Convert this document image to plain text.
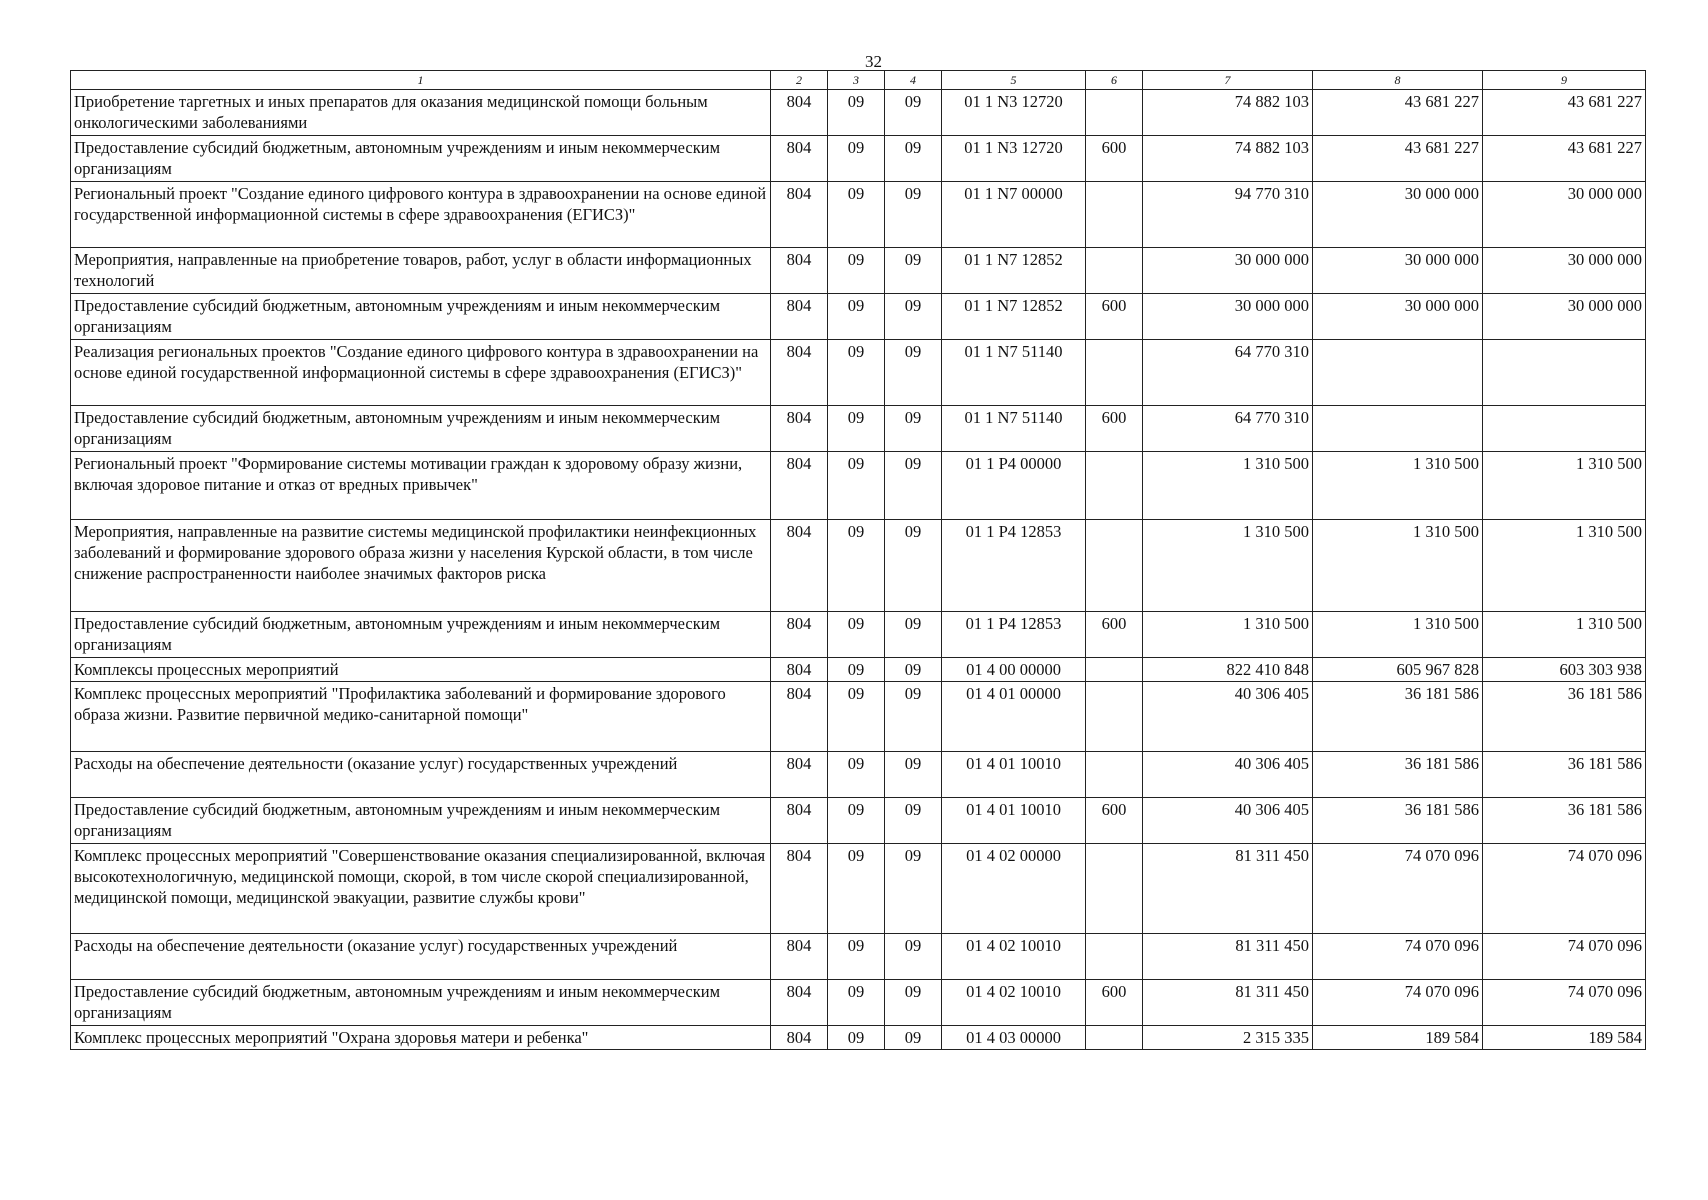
32
1	2	3	4	5	6	7	8	9
Приобретение таргетных и иных препаратов для оказания медицинской помощи больным онкологическими заболеваниями	804	09	09	01 1 N3 12720		74 882 103	43 681 227	43 681 227
Предоставление субсидий бюджетным, автономным учреждениям и иным некоммерческим организациям	804	09	09	01 1 N3 12720	600	74 882 103	43 681 227	43 681 227
Региональный проект "Создание единого цифрового контура в здравоохранении на основе единой государственной информационной системы в сфере здравоохранения (ЕГИСЗ)"	804	09	09	01 1 N7 00000		94 770 310	30 000 000	30 000 000
Мероприятия, направленные на приобретение товаров, работ, услуг в области информационных технологий	804	09	09	01 1 N7 12852		30 000 000	30 000 000	30 000 000
Предоставление субсидий бюджетным, автономным учреждениям и иным некоммерческим организациям	804	09	09	01 1 N7 12852	600	30 000 000	30 000 000	30 000 000
Реализация региональных проектов "Создание единого цифрового контура в здравоохранении на основе единой государственной информационной системы в сфере здравоохранения (ЕГИСЗ)"	804	09	09	01 1 N7 51140		64 770 310		
Предоставление субсидий бюджетным, автономным учреждениям и иным некоммерческим организациям	804	09	09	01 1 N7 51140	600	64 770 310		
Региональный проект "Формирование системы мотивации граждан к здоровому образу жизни, включая здоровое питание и отказ от вредных привычек"	804	09	09	01 1 P4 00000		1 310 500	1 310 500	1 310 500
Мероприятия, направленные на развитие системы медицинской профилактики неинфекционных заболеваний и формирование здорового образа жизни у населения Курской области, в том числе снижение распространенности наиболее значимых факторов риска	804	09	09	01 1 P4 12853		1 310 500	1 310 500	1 310 500
Предоставление субсидий бюджетным, автономным учреждениям и иным некоммерческим организациям	804	09	09	01 1 P4 12853	600	1 310 500	1 310 500	1 310 500
Комплексы процессных мероприятий	804	09	09	01 4 00 00000		822 410 848	605 967 828	603 303 938
Комплекс процессных мероприятий "Профилактика заболеваний и формирование здорового образа жизни. Развитие первичной медико-санитарной помощи"	804	09	09	01 4 01 00000		40 306 405	36 181 586	36 181 586
Расходы на обеспечение деятельности (оказание услуг) государственных учреждений	804	09	09	01 4 01 10010		40 306 405	36 181 586	36 181 586
Предоставление субсидий бюджетным, автономным учреждениям и иным некоммерческим организациям	804	09	09	01 4 01 10010	600	40 306 405	36 181 586	36 181 586
Комплекс процессных мероприятий "Совершенствование оказания специализированной, включая высокотехнологичную, медицинской помощи, скорой, в том числе скорой специализированной, медицинской помощи, медицинской эвакуации, развитие службы крови"	804	09	09	01 4 02 00000		81 311 450	74 070 096	74 070 096
Расходы на обеспечение деятельности (оказание услуг) государственных учреждений	804	09	09	01 4 02 10010		81 311 450	74 070 096	74 070 096
Предоставление субсидий бюджетным, автономным учреждениям и иным некоммерческим организациям	804	09	09	01 4 02 10010	600	81 311 450	74 070 096	74 070 096
Комплекс процессных мероприятий "Охрана здоровья матери и ребенка"	804	09	09	01 4 03 00000		2 315 335	189 584	189 584
